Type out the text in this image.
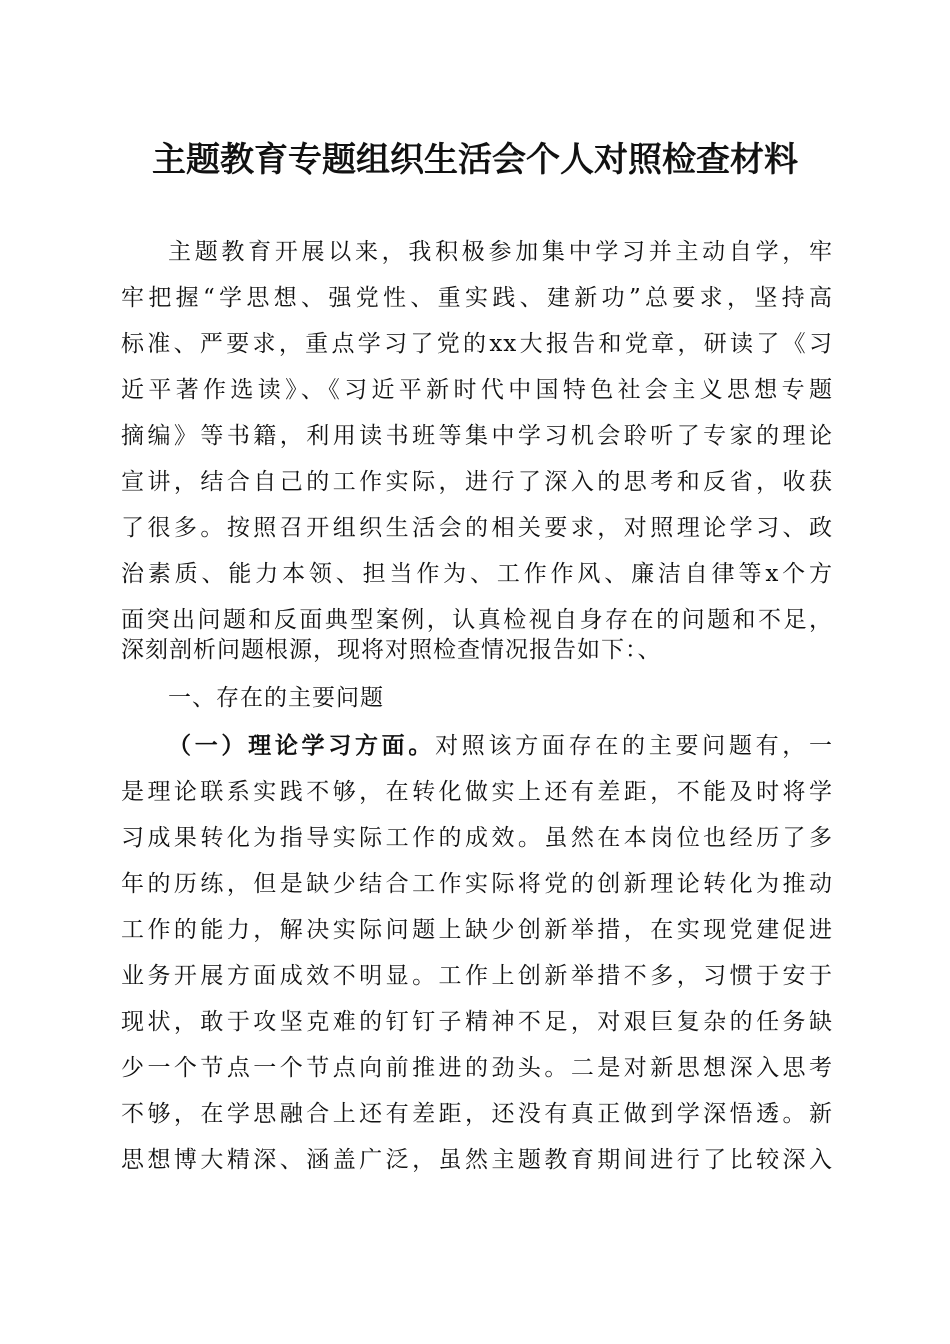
主题教育专题组织生活会个人对照检查材料
主题教育开展以来，我积极参加集中学习并主动自学，牢
牢把握“学思想、强党性、重实践、建新功”总要求，坚持高
标准、严要求，重点学习了党的xx大报告和党章，研读了《习
近平著作选读》、《习近平新时代中国特色社会主义思想专题
摘编》等书籍，利用读书班等集中学习机会聆听了专家的理论
宣讲，结合自己的工作实际，进行了深入的思考和反省，收获
了很多。按照召开组织生活会的相关要求，对照理论学习、政
治素质、能力本领、担当作为、工作作风、廉洁自律等x个方
面突出问题和反面典型案例，认真检视自身存在的问题和不足，
深刻剖析问题根源，现将对照检查情况报告如下：、
一、存在的主要问题
（一）理论学习方面。对照该方面存在的主要问题有，一
是理论联系实践不够，在转化做实上还有差距，不能及时将学
习成果转化为指导实际工作的成效。虽然在本岗位也经历了多
年的历练，但是缺少结合工作实际将党的创新理论转化为推动
工作的能力，解决实际问题上缺少创新举措，在实现党建促进
业务开展方面成效不明显。工作上创新举措不多，习惯于安于
现状，敢于攻坚克难的钉钉子精神不足，对艰巨复杂的任务缺
少一个节点一个节点向前推进的劲头。二是对新思想深入思考
不够，在学思融合上还有差距，还没有真正做到学深悟透。新
思想博大精深、涵盖广泛，虽然主题教育期间进行了比较深入
